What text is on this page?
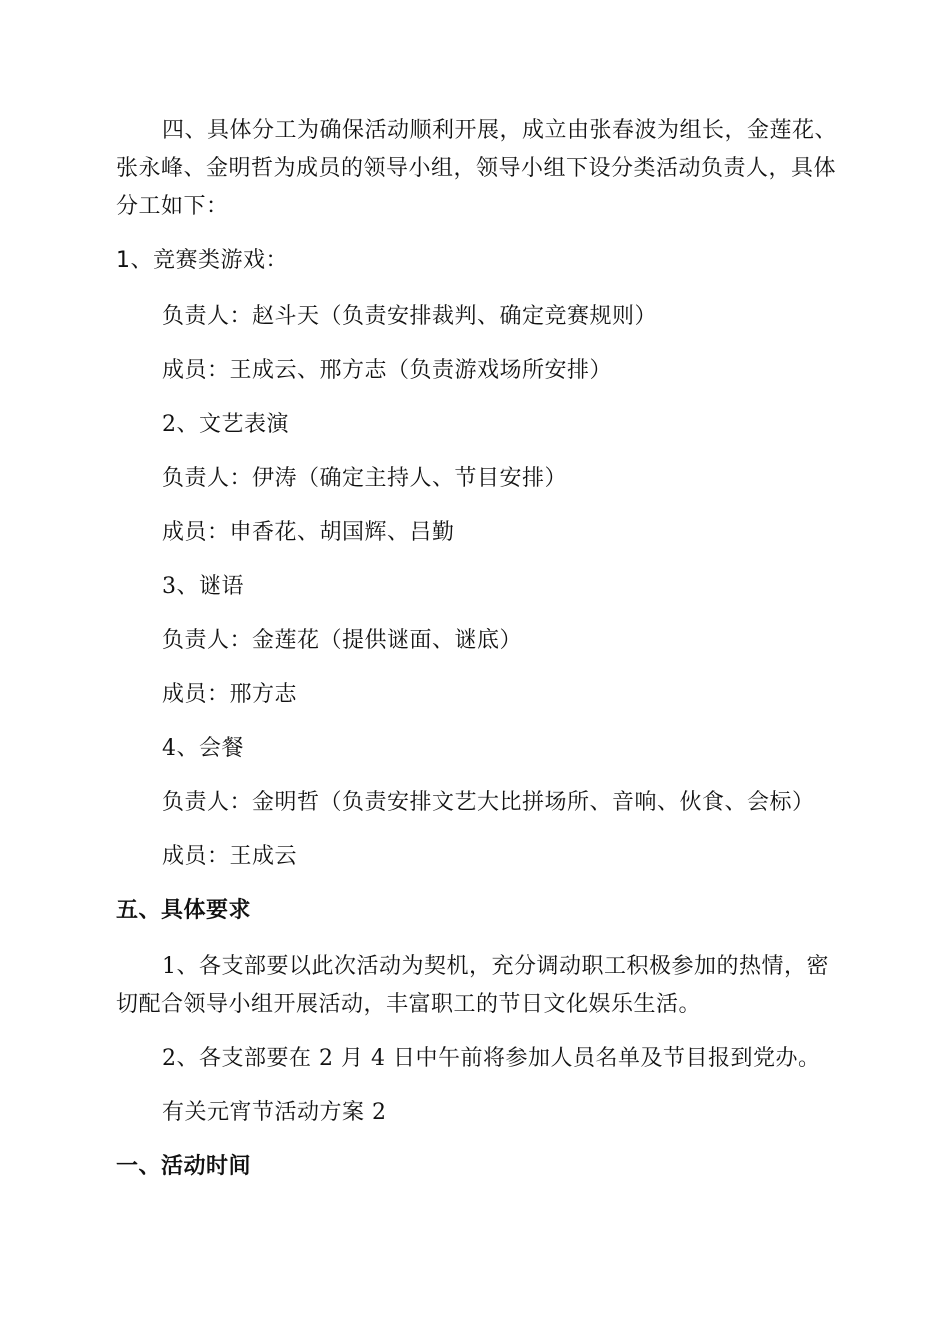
四、具体分工为确保活动顺利开展，成立由张春波为组长，金莲花、
张永峰、金明哲为成员的领导小组，领导小组下设分类活动负责人，具体
分工如下：
1、竞赛类游戏：
负责人：赵斗天（负责安排裁判、确定竞赛规则）
成员：王成云、邢方志（负责游戏场所安排）
2、文艺表演
负责人：伊涛（确定主持人、节目安排）
成员：申香花、胡国辉、吕勤
3、谜语
负责人：金莲花（提供谜面、谜底）
成员：邢方志
4、会餐
负责人：金明哲（负责安排文艺大比拼场所、音响、伙食、会标）
成员：王成云
五、具体要求
1、各支部要以此次活动为契机，充分调动职工积极参加的热情，密
切配合领导小组开展活动，丰富职工的节日文化娱乐生活。
2、各支部要在 2 月 4 日中午前将参加人员名单及节目报到党办。
有关元宵节活动方案 2
一、活动时间
